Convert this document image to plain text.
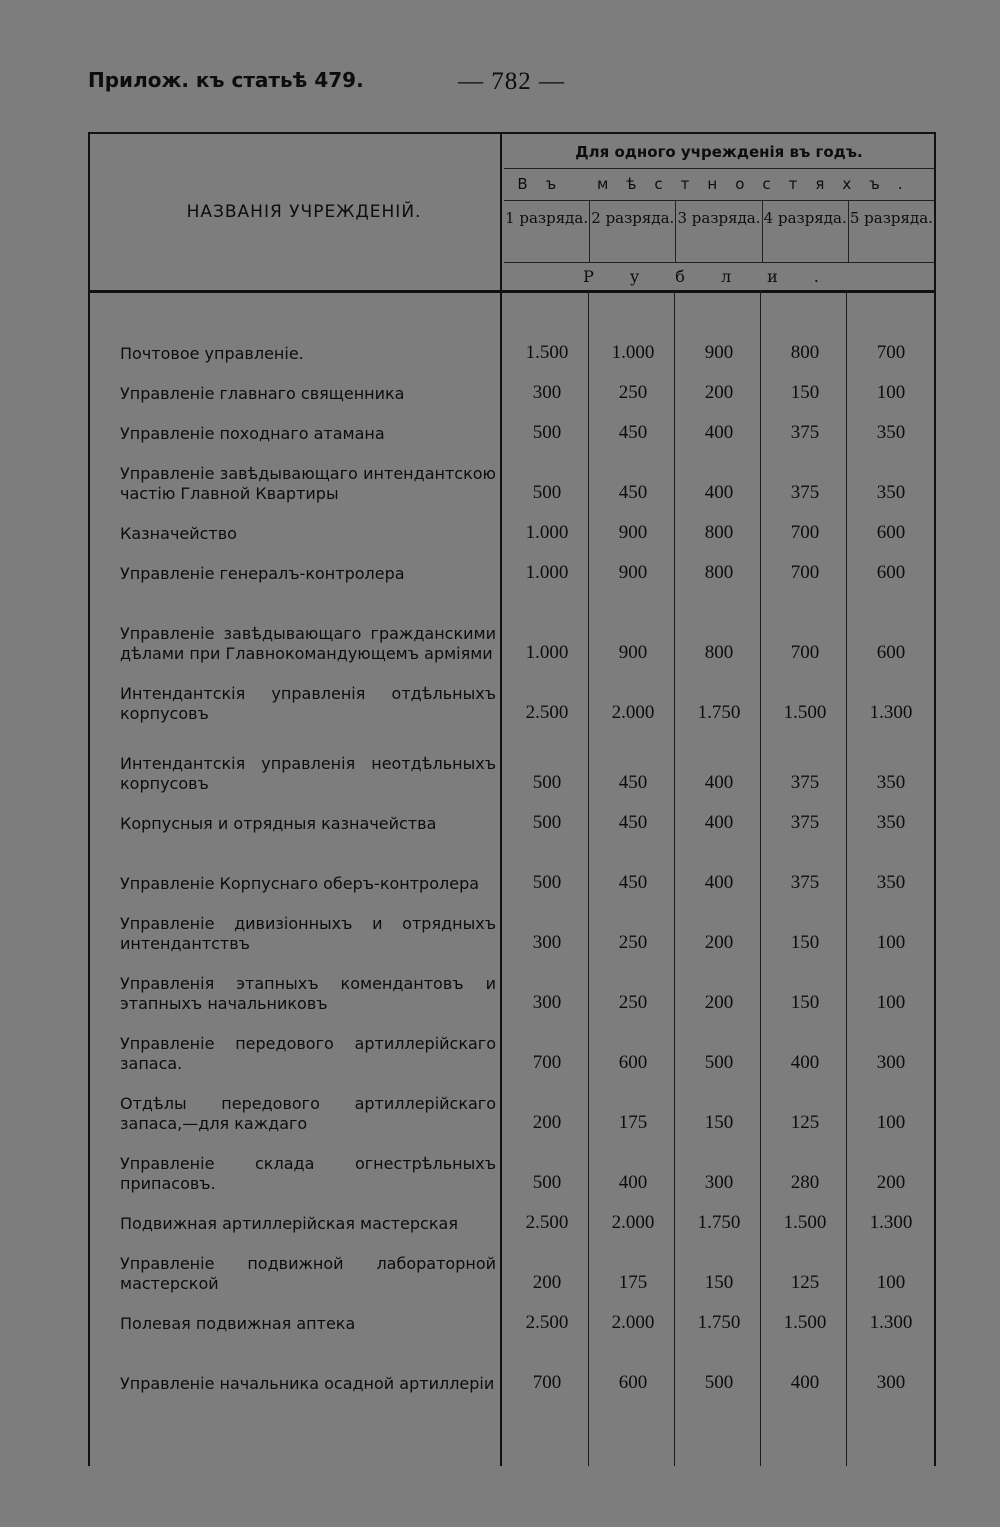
Прилож. къ статьѣ 479.	— 782 —
НАЗВАНІЯ УЧРЕЖДЕНІЙ.
Для одного учрежденія въ годъ.
Въ мѣстностяхъ.
1 разряда. 2 разряда. 3 разряда. 4 разряда. 5 разряда.
Рубли.
Почтовое управленіе.	1.500	1.000	900	800	700
Управленіе главнаго священника	300	250	200	150	100
Управленіе походнаго атамана	500	450	400	375	350
Управленіе завѣдывающаго интендантскою частію Главной Квартиры	500	450	400	375	350
Казначейство	1.000	900	800	700	600
Управленіе генералъ-контролера	1.000	900	800	700	600
Управленіе завѣдывающаго гражданскими дѣлами при Главнокомандующемъ арміями	1.000	900	800	700	600
Интендантскія управленія отдѣльныхъ корпусовъ	2.500	2.000	1.750	1.500	1.300
Интендантскія управленія неотдѣльныхъ корпусовъ	500	450	400	375	350
Корпусныя и отрядныя казначейства	500	450	400	375	350
Управленіе Корпуснаго оберъ-контролера	500	450	400	375	350
Управленіе дивизіонныхъ и отрядныхъ интендантствъ	300	250	200	150	100
Управленія этапныхъ комендантовъ и этапныхъ начальниковъ	300	250	200	150	100
Управленіе передового артиллерійскаго запаса.	700	600	500	400	300
Отдѣлы передового артиллерійскаго запаса,—для каждаго	200	175	150	125	100
Управленіе склада огнестрѣльныхъ припасовъ.	500	400	300	280	200
Подвижная артиллерійская мастерская	2.500	2.000	1.750	1.500	1.300
Управленіе подвижной лабораторной мастерской	200	175	150	125	100
Полевая подвижная аптека	2.500	2.000	1.750	1.500	1.300
Управленіе начальника осадной артиллеріи	700	600	500	400	300
